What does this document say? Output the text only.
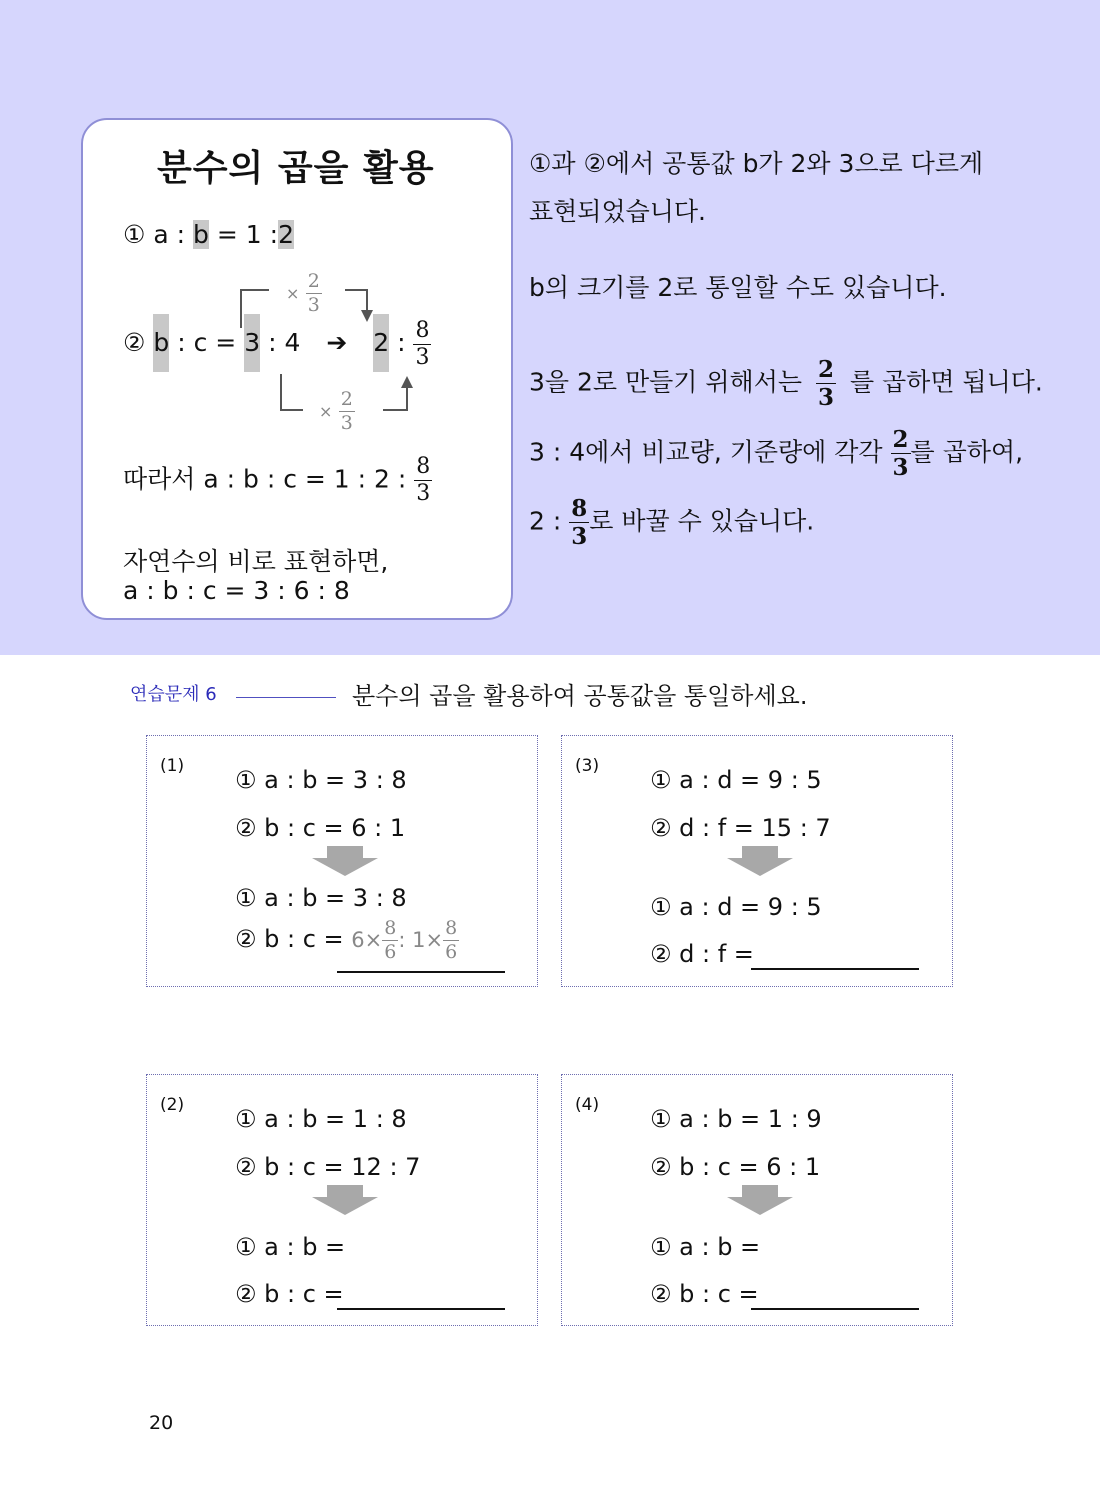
분수의 곱을 활용
① a : b = 1 :2
× $\frac{2}{3}$
② b : c = 3 : 4 ➔ 2 : $\frac{8}{3}$
× $\frac{2}{3}$
따라서 a : b : c = 1 : 2 : $\frac{8}{3}$
자연수의 비로 표현하면,
a : b : c = 3 : 6 : 8
①과 ②에서 공통값 b가 2와 3으로 다르게
표현되었습니다.
b의 크기를 2로 통일할 수도 있습니다.
3을 2로 만들기 위해서는 $\frac{2}{3}$ 를 곱하면 됩니다.
3 : 4에서 비교량, 기준량에 각각 $\frac{2}{3}$ 를 곱하여,
2 : $\frac{8}{3}$ 로 바꿀 수 있습니다.
연습문제 6	분수의 곱을 활용하여 공통값을 통일하세요.
(1) ① a : b = 3 : 8
② b : c = 6 : 1
① a : b = 3 : 8
② b : $c = 6\times \frac{8}{6}$ : $1\times \frac{8}{6}$
(3) ① a : d = 9 : 5
② d : f = 15 : 7
① a : d = 9 : 5
② d : f =
(2) ① a : b = 1 : 8
② b : c = 12 : 7
① a : b =
② b : c =
(4) ① a : b = 1 : 9
② b : c = 6 : 1
① a : b =
② b : c =
20
